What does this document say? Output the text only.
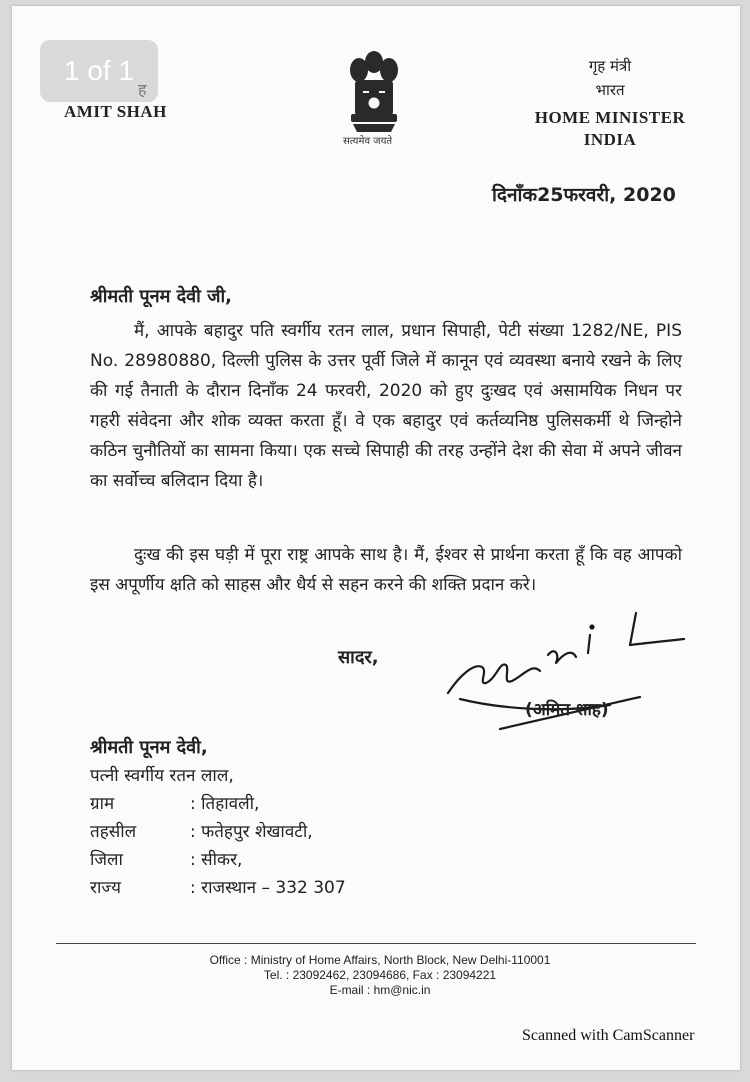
AMIT SHAH
सत्यमेव जयते
गृह मंत्री
भारत
HOME MINISTER
INDIA
दिनाँक25फरवरी, 2020
श्रीमती पूनम देवी जी,
मैं, आपके बहादुर पति स्वर्गीय रतन लाल, प्रधान सिपाही, पेटी संख्या 1282/NE, PIS No. 28980880, दिल्ली पुलिस के उत्तर पूर्वी जिले में कानून एवं व्यवस्था बनाये रखने के लिए की गई तैनाती के दौरान दिनाँक 24 फरवरी, 2020 को हुए दुःखद एवं असामयिक निधन पर गहरी संवेदना और शोक व्यक्त करता हूँ। वे एक बहादुर एवं कर्तव्यनिष्ठ पुलिसकर्मी थे जिन्होने कठिन चुनौतियों का सामना किया। एक सच्चे सिपाही की तरह उन्होंने देश की सेवा में अपने जीवन का सर्वोच्च बलिदान दिया है।
दुःख की इस घड़ी में पूरा राष्ट्र आपके साथ है। मैं, ईश्वर से प्रार्थना करता हूँ कि वह आपको इस अपूर्णीय क्षति को साहस और धैर्य से सहन करने की शक्ति प्रदान करे।
सादर,
(अमित शाह)
श्रीमती पूनम देवी,
पत्नी स्वर्गीय रतन लाल,
ग्राम	: तिहावली,
तहसील	: फतेहपुर शेखावटी,
जिला	: सीकर,
राज्य	: राजस्थान – 332 307
Office : Ministry of Home Affairs, North Block, New Delhi-110001
Tel. : 23092462, 23094686, Fax : 23094221
E-mail : hm@nic.in
Scanned with CamScanner
1 of 1
